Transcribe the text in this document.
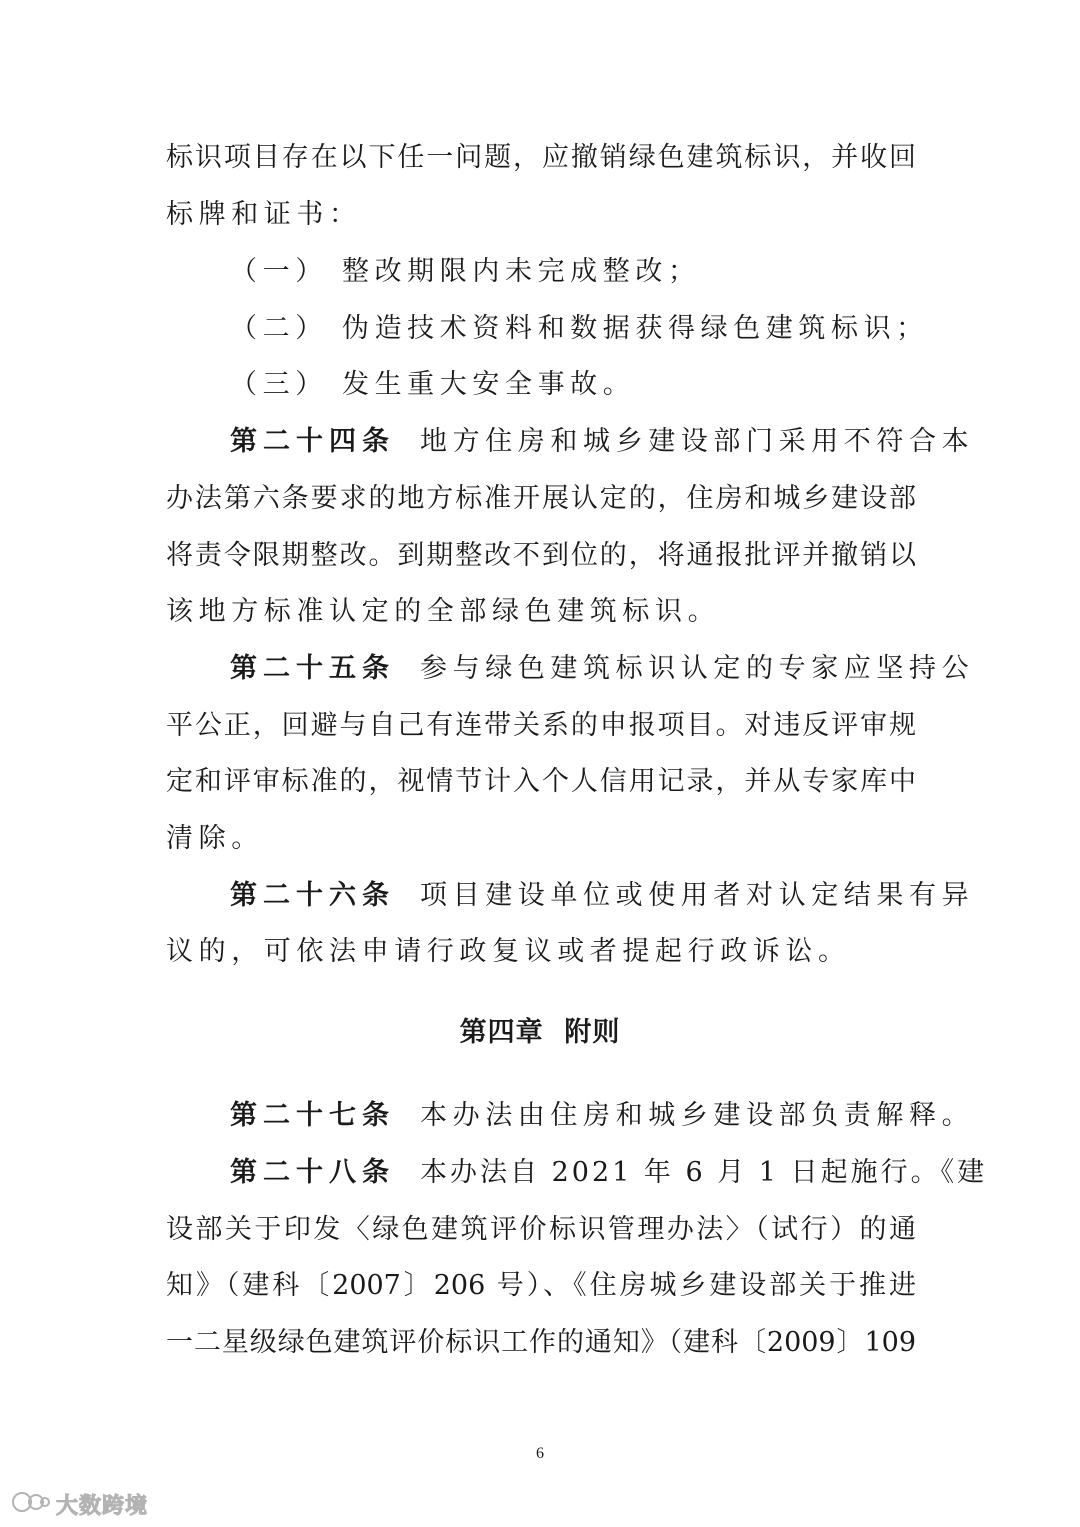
标识项目存在以下任一问题，应撤销绿色建筑标识，并收回
标牌和证书：
（一） 整改期限内未完成整改；
（二） 伪造技术资料和数据获得绿色建筑标识；
（三） 发生重大安全事故。
第二十四条 地方住房和城乡建设部门采用不符合本
办法第六条要求的地方标准开展认定的，住房和城乡建设部
将责令限期整改。到期整改不到位的，将通报批评并撤销以
该地方标准认定的全部绿色建筑标识。
第二十五条 参与绿色建筑标识认定的专家应坚持公
平公正，回避与自己有连带关系的申报项目。对违反评审规
定和评审标准的，视情节计入个人信用记录，并从专家库中
清除。
第二十六条 项目建设单位或使用者对认定结果有异
议的，可依法申请行政复议或者提起行政诉讼。
第四章  附则
第二十七条 本办法由住房和城乡建设部负责解释。
第二十八条 本办法自 2021 年 6 月 1 日起施行。《建
设部关于印发〈绿色建筑评价标识管理办法〉（试行）的通
知》（建科〔2007〕206 号）、《住房城乡建设部关于推进
一二星级绿色建筑评价标识工作的通知》（建科〔2009〕109
6
大数跨境
